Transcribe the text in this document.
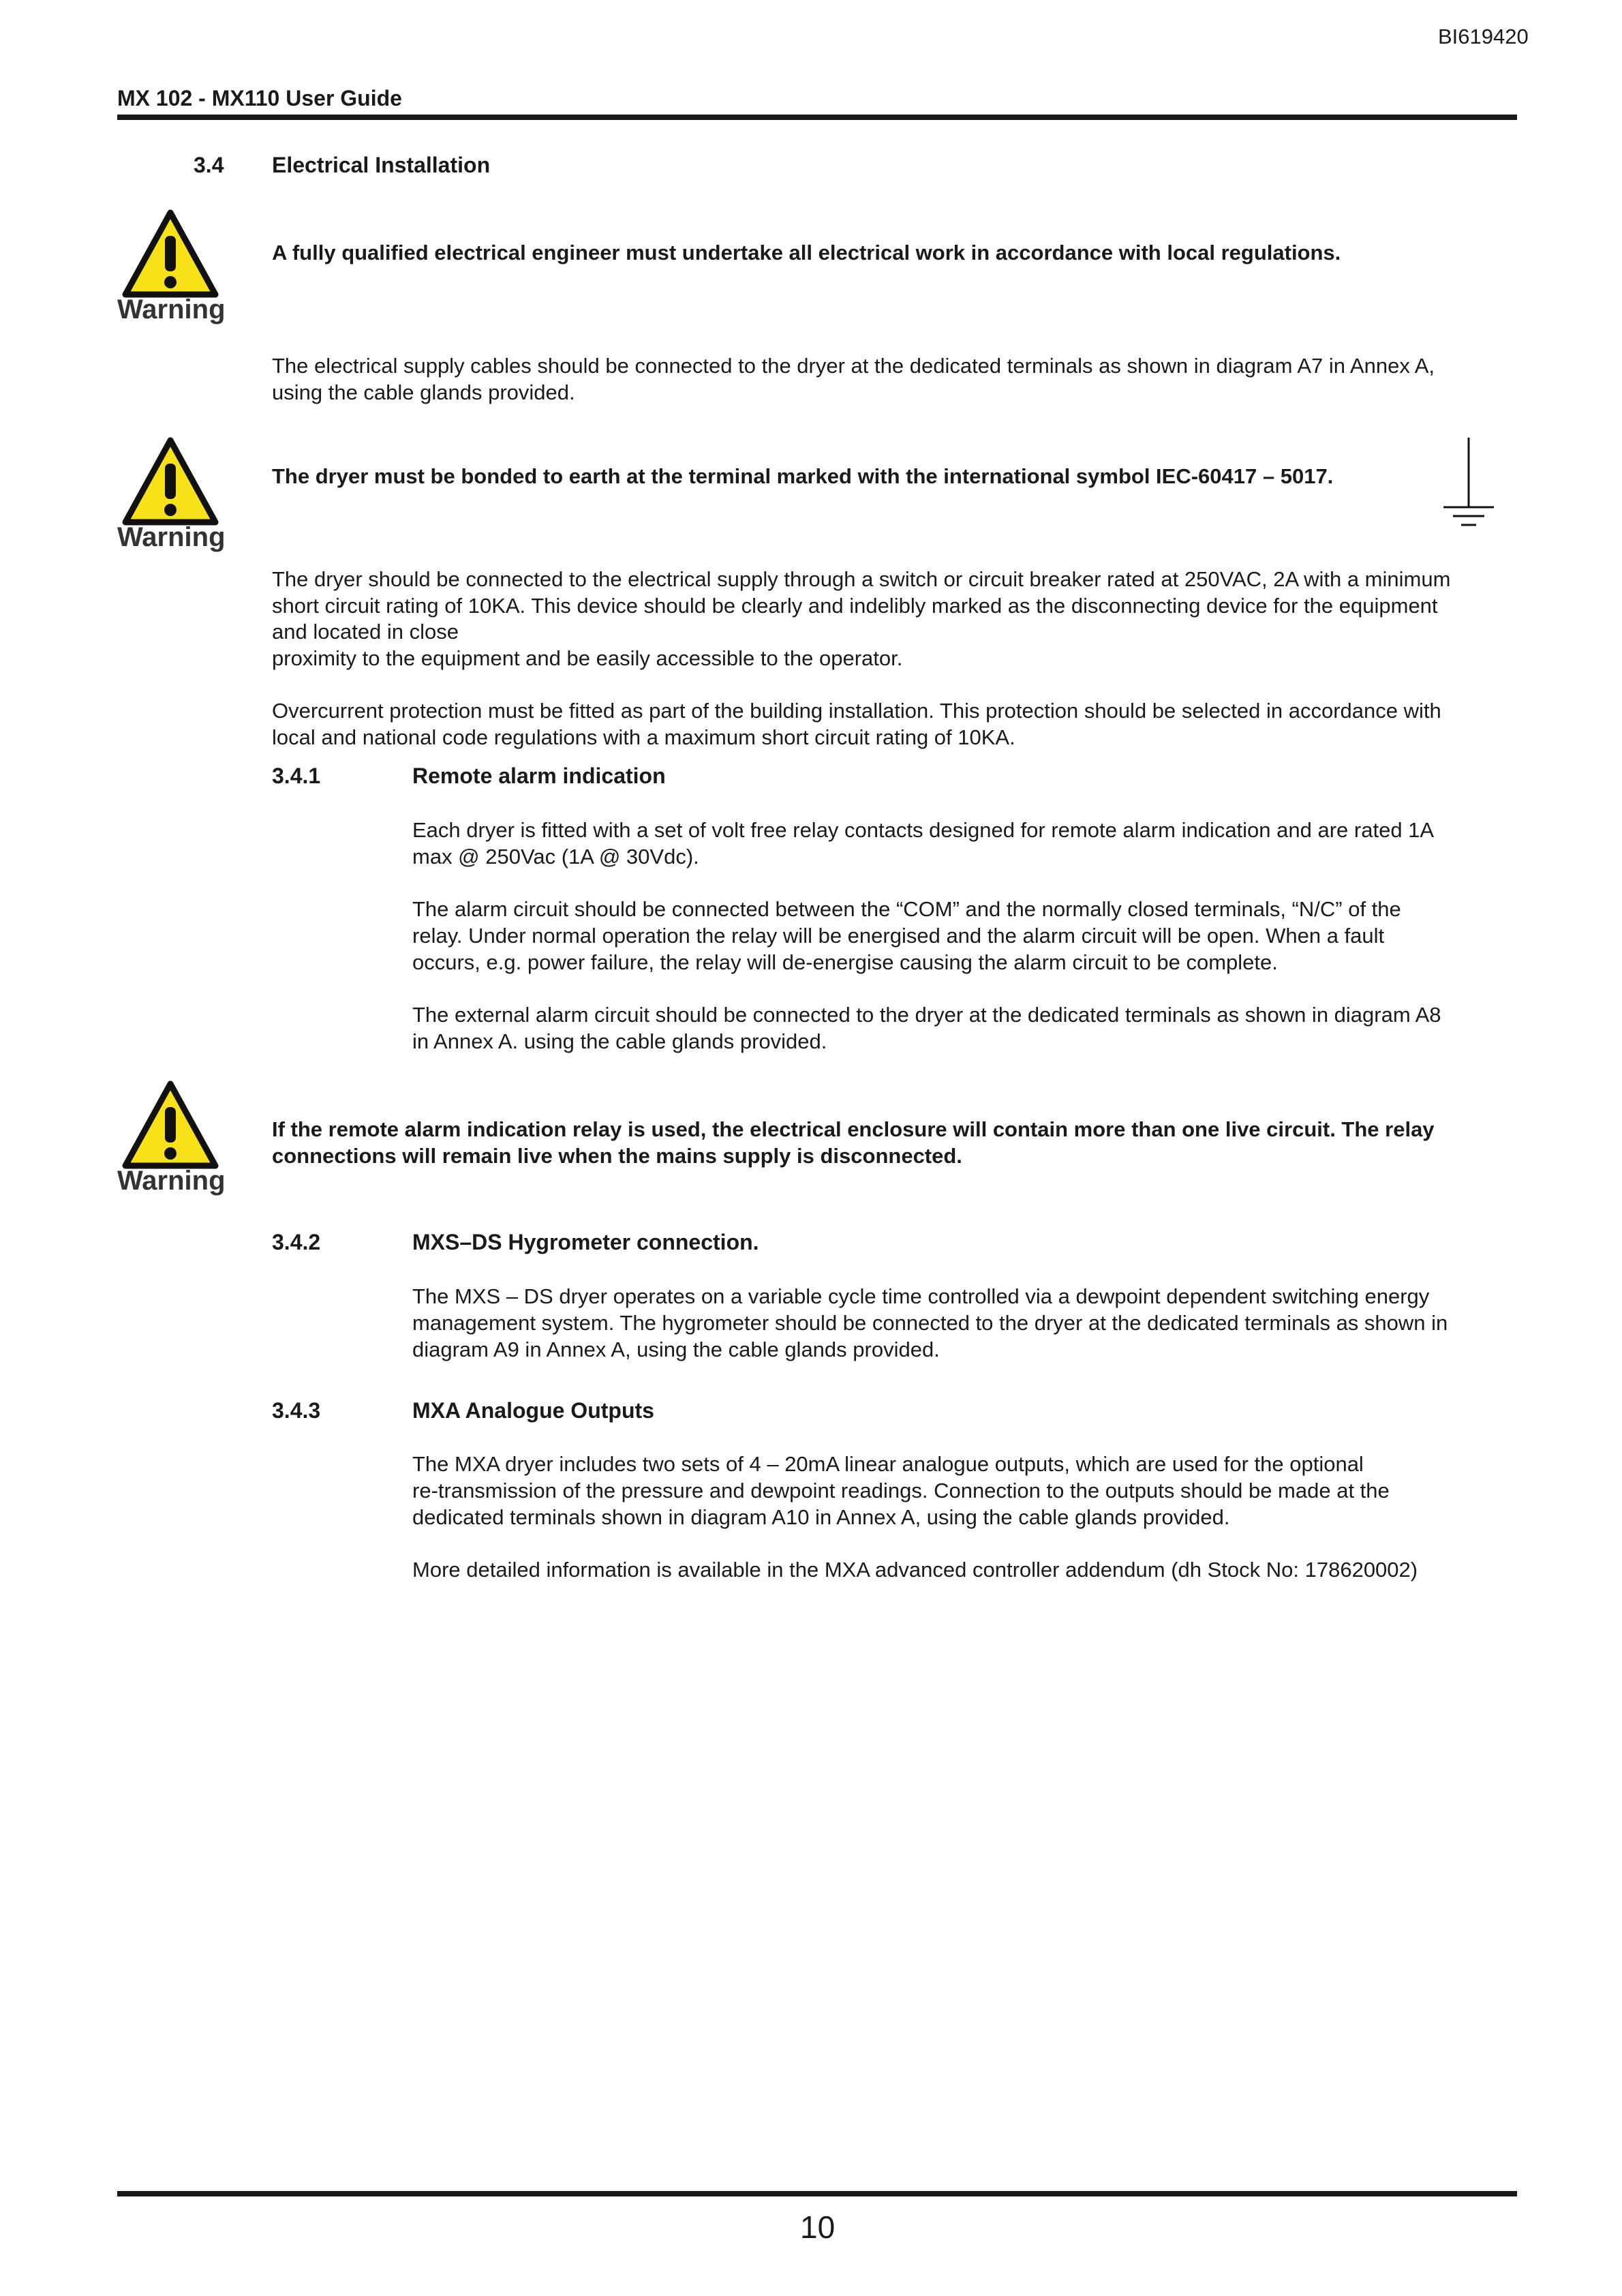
BI619420
MX 102 - MX110 User Guide
3.4 Electrical Installation
Warning
A fully qualified electrical engineer must undertake all electrical work in accordance with local regulations.
The electrical supply cables should be connected to the dryer at the dedicated terminals as shown in diagram A7 in Annex A,
using the cable glands provided.
Warning
The dryer must be bonded to earth at the terminal marked with the international symbol IEC-60417 – 5017.
The dryer should be connected to the electrical supply through a switch or circuit breaker rated at 250VAC, 2A with a minimum
short circuit rating of 10KA. This device should be clearly and indelibly marked as the disconnecting device for the equipment
and located in close
proximity to the equipment and be easily accessible to the operator.
Overcurrent protection must be fitted as part of the building installation. This protection should be selected in accordance with
local and national code regulations with a maximum short circuit rating of 10KA.
3.4.1	Remote alarm indication
Each dryer is fitted with a set of volt free relay contacts designed for remote alarm indication and are rated 1A
max @ 250Vac (1A @ 30Vdc).
The alarm circuit should be connected between the “COM” and the normally closed terminals, “N/C” of the
relay. Under normal operation the relay will be energised and the alarm circuit will be open. When a fault
occurs, e.g. power failure, the relay will de-energise causing the alarm circuit to be complete.
The external alarm circuit should be connected to the dryer at the dedicated terminals as shown in diagram A8
in Annex A. using the cable glands provided.
Warning
If the remote alarm indication relay is used, the electrical enclosure will contain more than one live circuit. The relay
connections will remain live when the mains supply is disconnected.
3.4.2	MXS–DS Hygrometer connection.
The MXS – DS dryer operates on a variable cycle time controlled via a dewpoint dependent switching energy
management system. The hygrometer should be connected to the dryer at the dedicated terminals as shown in
diagram A9 in Annex A, using the cable glands provided.
3.4.3	MXA Analogue Outputs
The MXA dryer includes two sets of 4 – 20mA linear analogue outputs, which are used for the optional
re-transmission of the pressure and dewpoint readings. Connection to the outputs should be made at the
dedicated terminals shown in diagram A10 in Annex A, using the cable glands provided.
More detailed information is available in the MXA advanced controller addendum (dh Stock No: 178620002)
10
